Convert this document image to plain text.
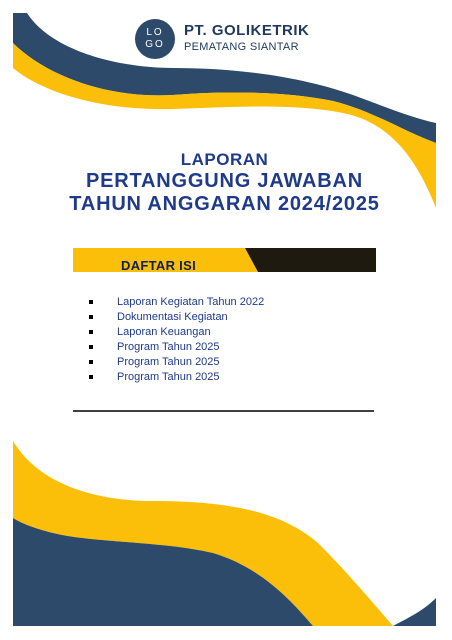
LO
GO
PT. GOLIKETRIK
PEMATANG SIANTAR
LAPORAN
PERTANGGUNG JAWABAN
TAHUN ANGGARAN 2024/2025
DAFTAR ISI
Laporan Kegiatan Tahun 2022
Dokumentasi Kegiatan
Laporan Keuangan
Program Tahun 2025
Program Tahun 2025
Program Tahun 2025
